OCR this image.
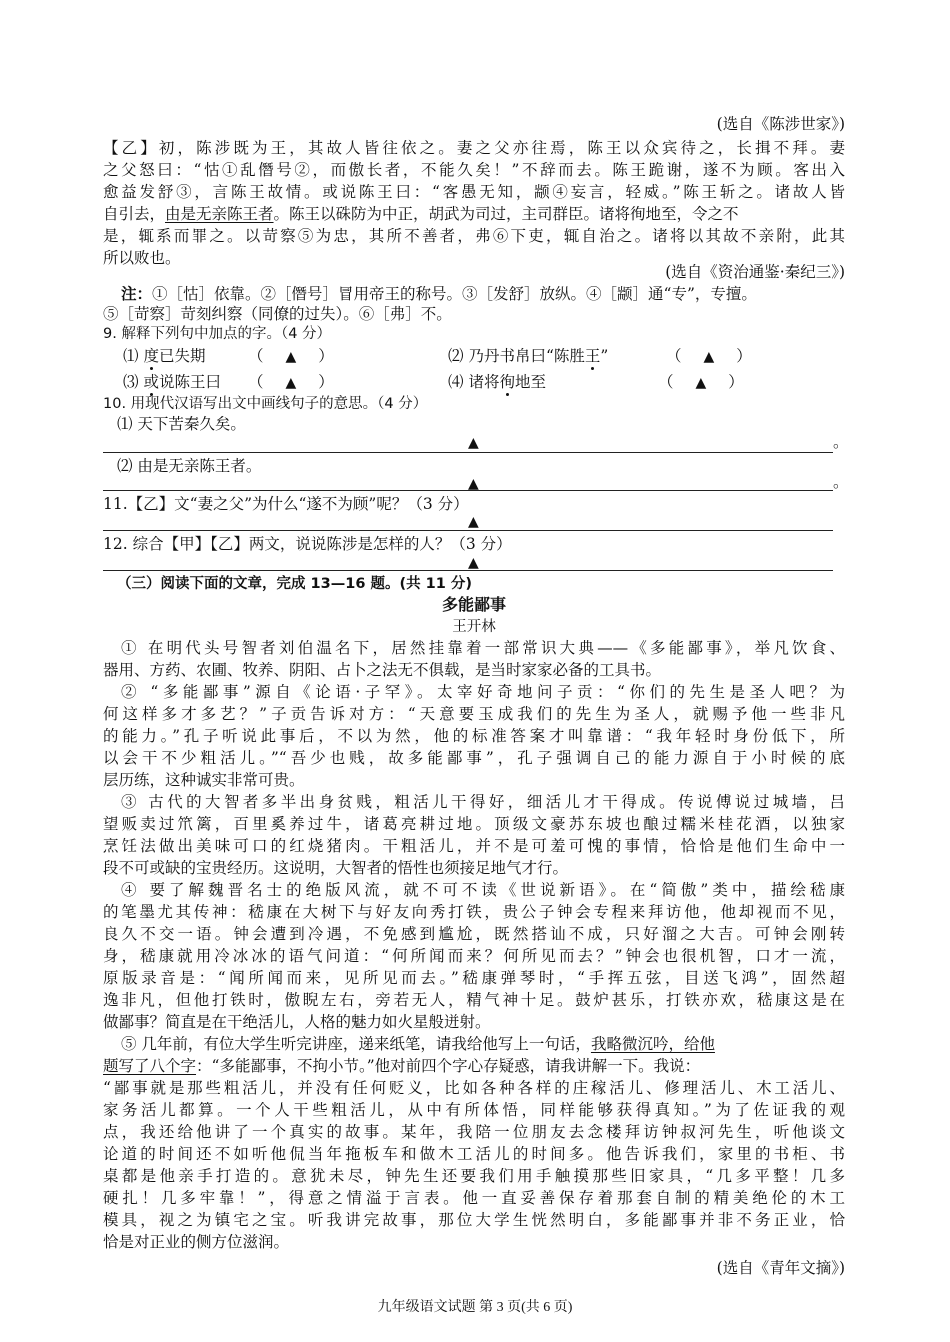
(选自《陈涉世家》)
【乙】初，陈涉既为王，其故人皆往依之。妻之父亦往焉，陈王以众宾待之，长揖不拜。妻
之父怒曰：“怙①乱僭号②，而傲长者，不能久矣！”不辞而去。陈王跪谢，遂不为顾。客出入
愈益发舒③，言陈王故情。或说陈王曰：“客愚无知，颛④妄言，轻威。”陈王斩之。诸故人皆
自引去，由是无亲陈王者。陈王以硃防为中正，胡武为司过，主司群臣。诸将徇地至，令之不
是，辄系而罪之。以苛察⑤为忠，其所不善者，弗⑥下吏，辄自治之。诸将以其故不亲附，此其
所以败也。
(选自《资治通鉴·秦纪三》)
注：①［怙］依靠。②［僭号］冒用帝王的称号。③［发舒］放纵。④［颛］通“专”，专擅。
⑤［苛察］苛刻纠察（同僚的过失）。⑥［弗］不。
9. 解释下列句中加点的字。（4 分）
⑴ 度已失期	（ ▲ ）	⑵ 乃丹书帛曰“陈胜王”	（ ▲ ）
⑶ 或说陈王曰 （ ▲ ）	⑷ 诸将徇地至	（ ▲ ）
10. 用现代汉语写出文中画线句子的意思。（4 分）
⑴ 天下苦秦久矣。
▲	。
⑵ 由是无亲陈王者。
▲	。
11.【乙】文“妻之父”为什么“遂不为顾”呢？（3 分）
▲
12. 综合【甲】【乙】两文，说说陈涉是怎样的人？（3 分）
▲
（三）阅读下面的文章，完成 13—16 题。(共 11 分)
多能鄙事
王开林
① 在明代头号智者刘伯温名下，居然挂靠着一部常识大典——《多能鄙事》，举凡饮食、
器用、方药、农圃、牧养、阴阳、占卜之法无不俱载，是当时家家必备的工具书。
② “多能鄙事”源自《论语·子罕》。太宰好奇地问子贡：“你们的先生是圣人吧？为
何这样多才多艺？”子贡告诉对方：“天意要玉成我们的先生为圣人，就赐予他一些非凡
的能力。”孔子听说此事后，不以为然，他的标准答案才叫靠谱：“我年轻时身份低下，所
以会干不少粗活儿。”“吾少也贱，故多能鄙事”，孔子强调自己的能力源自于小时候的底
层历练，这种诚实非常可贵。
③ 古代的大智者多半出身贫贱，粗活儿干得好，细活儿才干得成。传说傅说过城墙，吕
望贩卖过笊篱，百里奚养过牛，诸葛亮耕过地。顶级文豪苏东坡也酿过糯米桂花酒，以独家
烹饪法做出美味可口的红烧猪肉。干粗活儿，并不是可羞可愧的事情，恰恰是他们生命中一
段不可或缺的宝贵经历。这说明，大智者的悟性也须接足地气才行。
④ 要了解魏晋名士的绝版风流，就不可不读《世说新语》。在“简傲”类中，描绘嵇康
的笔墨尤其传神：嵇康在大树下与好友向秀打铁，贵公子钟会专程来拜访他，他却视而不见，
良久不交一语。钟会遭到冷遇，不免感到尴尬，既然搭讪不成，只好溜之大吉。可钟会刚转
身，嵇康就用冷冰冰的语气问道：“何所闻而来？何所见而去？”钟会也很机智，口才一流，
原版录音是：“闻所闻而来，见所见而去。”嵇康弹琴时，“手挥五弦，目送飞鸿”，固然超
逸非凡，但他打铁时，傲睨左右，旁若无人，精气神十足。鼓炉甚乐，打铁亦欢，嵇康这是在
做鄙事？简直是在干绝活儿，人格的魅力如火星般迸射。
⑤ 几年前，有位大学生听完讲座，递来纸笔，请我给他写上一句话，我略微沉吟，给他
题写了八个字：“多能鄙事，不拘小节。”他对前四个字心存疑惑，请我讲解一下。我说：
“鄙事就是那些粗活儿，并没有任何贬义，比如各种各样的庄稼活儿、修理活儿、木工活儿、
家务活儿都算。一个人干些粗活儿，从中有所体悟，同样能够获得真知。”为了佐证我的观
点，我还给他讲了一个真实的故事。某年，我陪一位朋友去念楼拜访钟叔河先生，听他谈文
论道的时间还不如听他侃当年拖板车和做木工活儿的时间多。他告诉我们，家里的书柜、书
桌都是他亲手打造的。意犹未尽，钟先生还要我们用手触摸那些旧家具，“几多平整！几多
硬扎！几多牢靠！”，得意之情溢于言表。他一直妥善保存着那套自制的精美绝伦的木工
模具，视之为镇宅之宝。听我讲完故事，那位大学生恍然明白，多能鄙事并非不务正业，恰
恰是对正业的侧方位滋润。
(选自《青年文摘》)
九年级语文试题 第 3 页(共 6 页)
